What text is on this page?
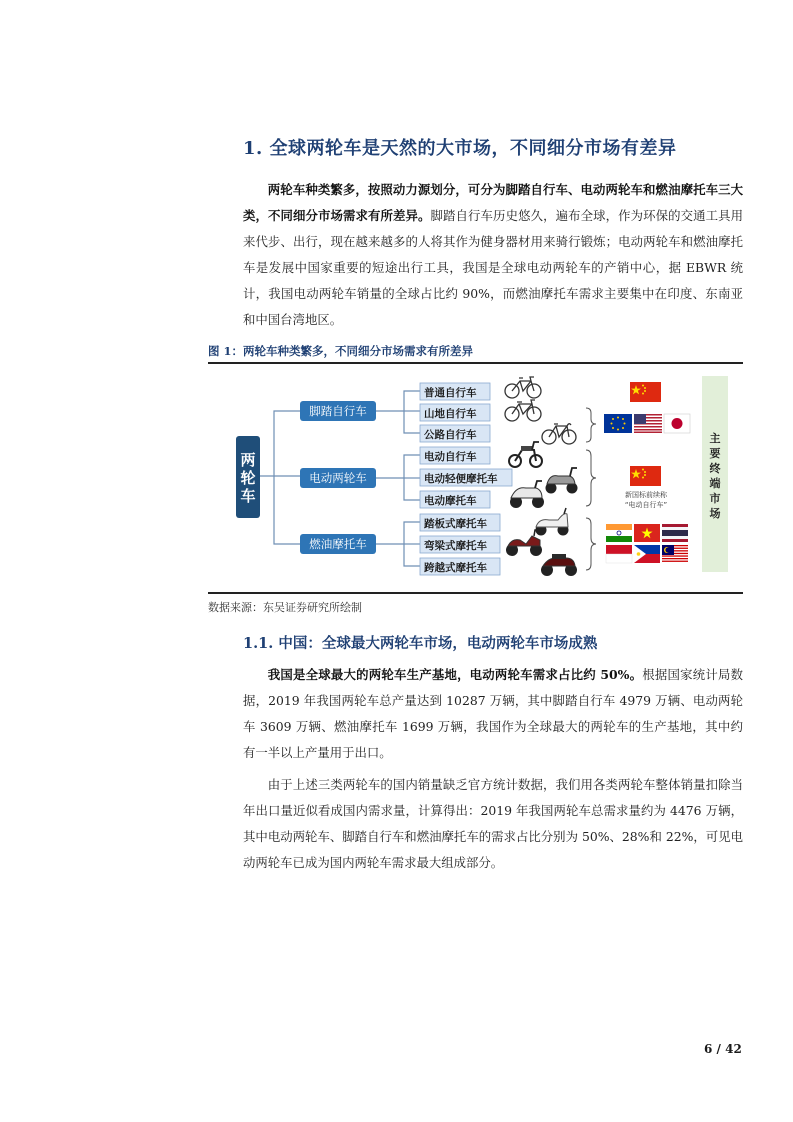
1. 全球两轮车是天然的大市场，不同细分市场有差异
两轮车种类繁多，按照动力源划分，可分为脚踏自行车、电动两轮车和燃油摩托车三大类，不同细分市场需求有所差异。脚踏自行车历史悠久，遍布全球，作为环保的交通工具用来代步、出行，现在越来越多的人将其作为健身器材用来骑行锻炼；电动两轮车和燃油摩托车是发展中国家重要的短途出行工具，我国是全球电动两轮车的产销中心，据 EBWR 统计，我国电动两轮车销量的全球占比约 90%，而燃油摩托车需求主要集中在印度、东南亚和中国台湾地区。
图 1：两轮车种类繁多，不同细分市场需求有所差异
两
轮
车
脚踏自行车
电动两轮车
燃油摩托车
普通自行车
山地自行车
公路自行车
电动自行车
电动轻便摩托车
电动摩托车
踏板式摩托车
弯梁式摩托车
跨越式摩托车
新国标前续称
“电动自行车”
主
要
终
端
市
场
数据来源：东吴证券研究所绘制
1.1. 中国：全球最大两轮车市场，电动两轮车市场成熟
我国是全球最大的两轮车生产基地，电动两轮车需求占比约 50%。根据国家统计局数据，2019 年我国两轮车总产量达到 10287 万辆，其中脚踏自行车 4979 万辆、电动两轮车 3609 万辆、燃油摩托车 1699 万辆，我国作为全球最大的两轮车的生产基地，其中约有一半以上产量用于出口。
由于上述三类两轮车的国内销量缺乏官方统计数据，我们用各类两轮车整体销量扣除当年出口量近似看成国内需求量，计算得出：2019 年我国两轮车总需求量约为 4476 万辆，其中电动两轮车、脚踏自行车和燃油摩托车的需求占比分别为 50%、28%和 22%，可见电动两轮车已成为国内两轮车需求最大组成部分。
6 / 42
